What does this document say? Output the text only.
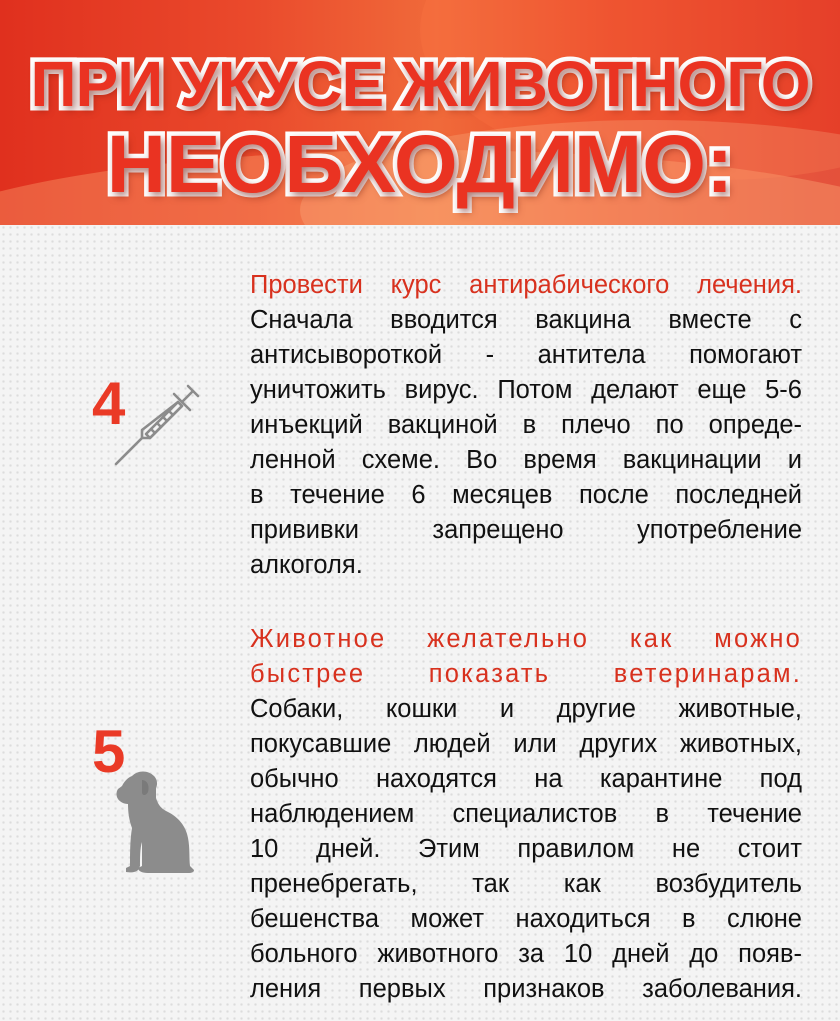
ПРИ УКУСЕ ЖИВОТНОГО
НЕОБХОДИМО:
4

Провести курс антирабического лечения.

Сначала вводится вакцина вместе с

антисывороткой - антитела помогают

уничтожить вирус. Потом делают еще 5-6

инъекций вакциной в плечо по опреде-

ленной схеме. Во время вакцинации и

в течение 6 месяцев после последней

прививки запрещено употребление

алкоголя.

5

Животное желательно как можно

быстрее показать ветеринарам.

Собаки, кошки и другие животные,

покусавшие людей или других животных,

обычно находятся на карантине под

наблюдением специалистов в течение

10 дней. Этим правилом не стоит

пренебрегать, так как возбудитель

бешенства может находиться в слюне

больного животного за 10 дней до появ-

ления первых признаков заболевания.
